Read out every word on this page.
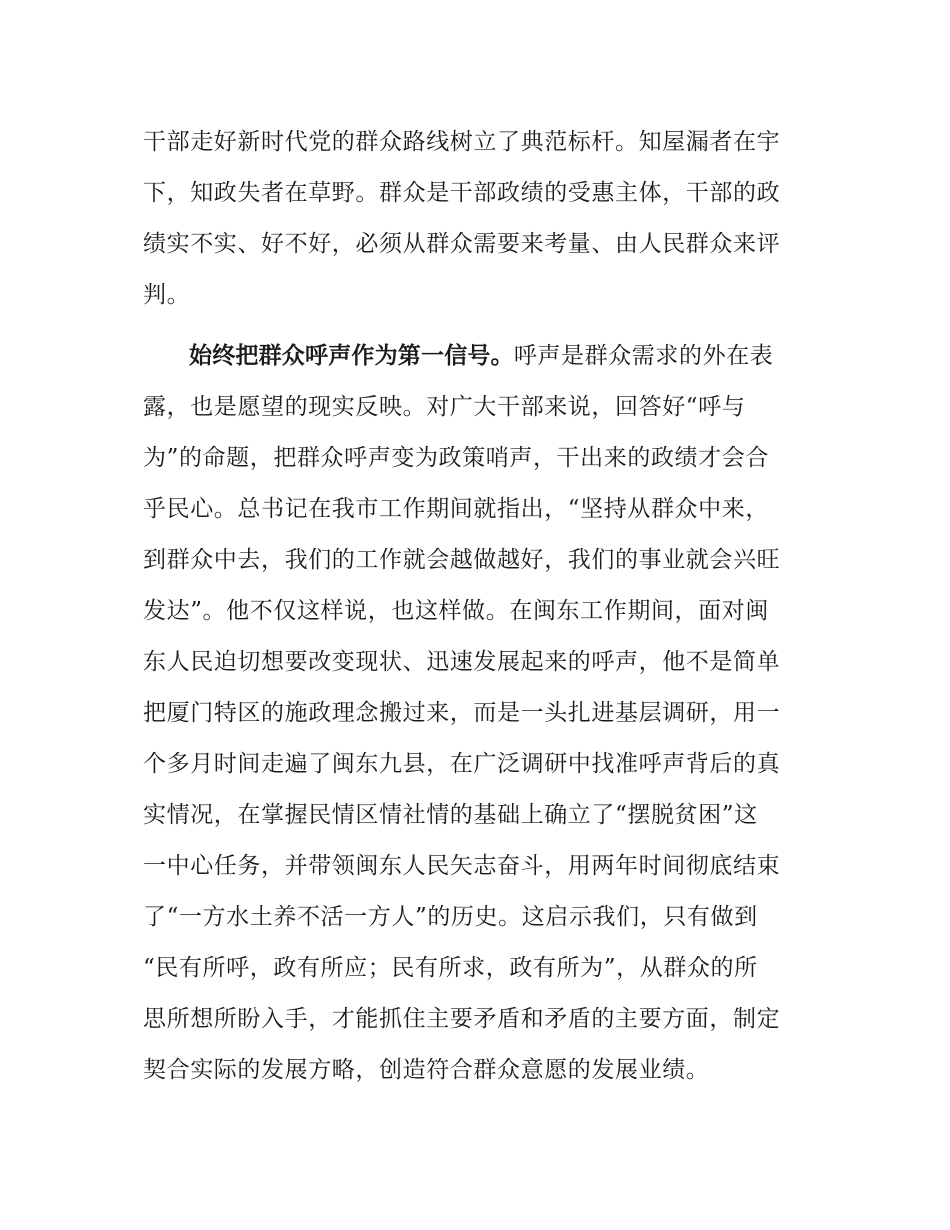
干部走好新时代党的群众路线树立了典范标杆。知屋漏者在宇
下，知政失者在草野。群众是干部政绩的受惠主体，干部的政
绩实不实、好不好，必须从群众需要来考量、由人民群众来评
判。
始终把群众呼声作为第一信号。呼声是群众需求的外在表
露，也是愿望的现实反映。对广大干部来说，回答好“呼与
为”的命题，把群众呼声变为政策哨声，干出来的政绩才会合
乎民心。总书记在我市工作期间就指出，“坚持从群众中来，
到群众中去，我们的工作就会越做越好，我们的事业就会兴旺
发达”。他不仅这样说，也这样做。在闽东工作期间，面对闽
东人民迫切想要改变现状、迅速发展起来的呼声，他不是简单
把厦门特区的施政理念搬过来，而是一头扎进基层调研，用一
个多月时间走遍了闽东九县，在广泛调研中找准呼声背后的真
实情况，在掌握民情区情社情的基础上确立了“摆脱贫困”这
一中心任务，并带领闽东人民矢志奋斗，用两年时间彻底结束
了“一方水土养不活一方人”的历史。这启示我们，只有做到
“民有所呼，政有所应；民有所求，政有所为”，从群众的所
思所想所盼入手，才能抓住主要矛盾和矛盾的主要方面，制定
契合实际的发展方略，创造符合群众意愿的发展业绩。
